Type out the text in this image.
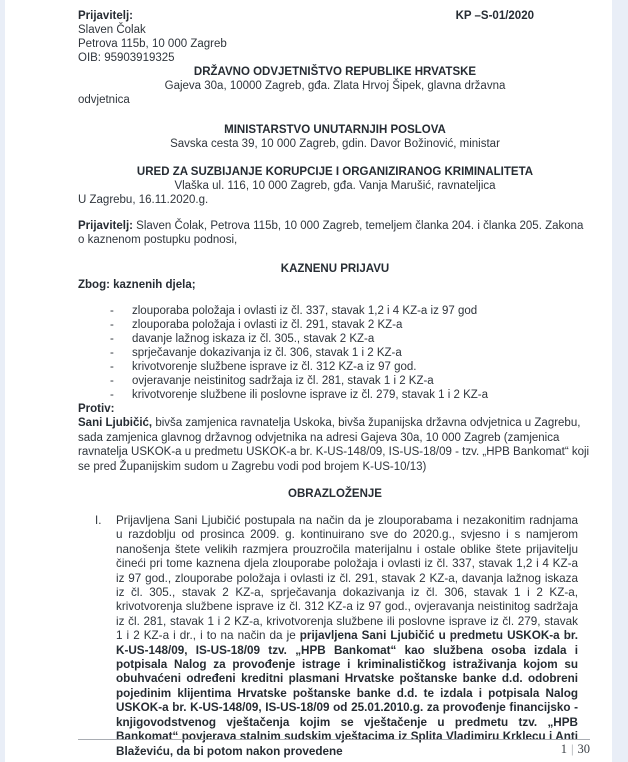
Prijavitelj:	KP –S-01/2020
Slaven Čolak
Petrova 115b, 10 000 Zagreb
OIB: 95903919325
DRŽAVNO ODVJETNIŠTVO REPUBLIKE HRVATSKE
Gajeva 30a, 10000 Zagreb, gđa. Zlata Hrvoj Šipek, glavna državna
odvjetnica
MINISTARSTVO UNUTARNJIH POSLOVA
Savska cesta 39, 10 000 Zagreb, gdin. Davor Božinović, ministar
URED ZA SUZBIJANJE KORUPCIJE I ORGANIZIRANOG KRIMINALITETA
Vlaška ul. 116, 10 000 Zagreb, gđa. Vanja Marušić, ravnateljica
U Zagrebu, 16.11.2020.g.
Prijavitelj: Slaven Čolak, Petrova 115b, 10 000 Zagreb, temeljem članka 204. i članka 205. Zakona o kaznenom postupku podnosi,
KAZNENU PRIJAVU
Zbog: kaznenih djela;
-	zlouporaba položaja i ovlasti iz čl. 337, stavak 1,2 i 4 KZ-a iz 97 god
-	zlouporaba položaja i ovlasti iz čl. 291, stavak 2 KZ-a
-	davanje lažnog iskaza iz čl. 305., stavak 2 KZ-a
-	sprječavanje dokazivanja iz čl. 306, stavak 1 i 2 KZ-a
-	krivotvorenje službene isprave iz čl. 312 KZ-a iz 97 god.
-	ovjeravanje neistinitog sadržaja iz čl. 281, stavak 1 i 2 KZ-a
-	krivotvorenje službene ili poslovne isprave iz čl. 279, stavak 1 i 2 KZ-a
Protiv:
Sani Ljubičić, bivša zamjenica ravnatelja Uskoka, bivša županijska državna odvjetnica u Zagrebu, sada zamjenica glavnog državnog odvjetnika na adresi Gajeva 30a, 10 000 Zagreb (zamjenica ravnatelja USKOK-a u predmetu USKOK-a br. K-US-148/09, IS-US-18/09 - tzv. „HPB Bankomat“ koji se pred Županijskim sudom u Zagrebu vodi pod brojem K-US-10/13)
OBRAZLOŽENJE
I.	Prijavljena Sani Ljubičić postupala na način da je zlouporabama i nezakonitim radnjama u razdoblju od prosinca 2009. g. kontinuirano sve do 2020.g., svjesno i s namjerom nanošenja štete velikih razmjera prouzročila materijalnu i ostale oblike štete prijavitelju čineći pri tome kaznena djela zlouporabe položaja i ovlasti iz čl. 337, stavak 1,2 i 4 KZ-a iz 97 god., zlouporabe položaja i ovlasti iz čl. 291, stavak 2 KZ-a, davanja lažnog iskaza iz čl. 305., stavak 2 KZ-a, sprječavanja dokazivanja iz čl. 306, stavak 1 i 2 KZ-a, krivotvorenja službene isprave iz čl. 312 KZ-a iz 97 god., ovjeravanja neistinitog sadržaja iz čl. 281, stavak 1 i 2 KZ-a, krivotvorenja službene ili poslovne isprave iz čl. 279, stavak 1 i 2 KZ-a i dr., i to na način da je prijavljena Sani Ljubičić u predmetu USKOK-a br. K-US-148/09, IS-US-18/09 tzv. „HPB Bankomat“ kao službena osoba izdala i potpisala Nalog za provođenje istrage i kriminalističkog istraživanja kojom su obuhvaćeni određeni kreditni plasmani Hrvatske poštanske banke d.d. odobreni pojedinim klijentima Hrvatske poštanske banke d.d. te izdala i potpisala Nalog USKOK-a br. K-US-148/09, IS-US-18/09 od 25.01.2010.g. za provođenje financijsko - knjigovodstvenog vještačenja kojim se vještačenje u predmetu tzv. „HPB Bankomat“ povjerava stalnim sudskim vještacima iz Splita Vladimiru Krklecu i Anti Blaževiću, da bi potom nakon provedene	1 | 30
